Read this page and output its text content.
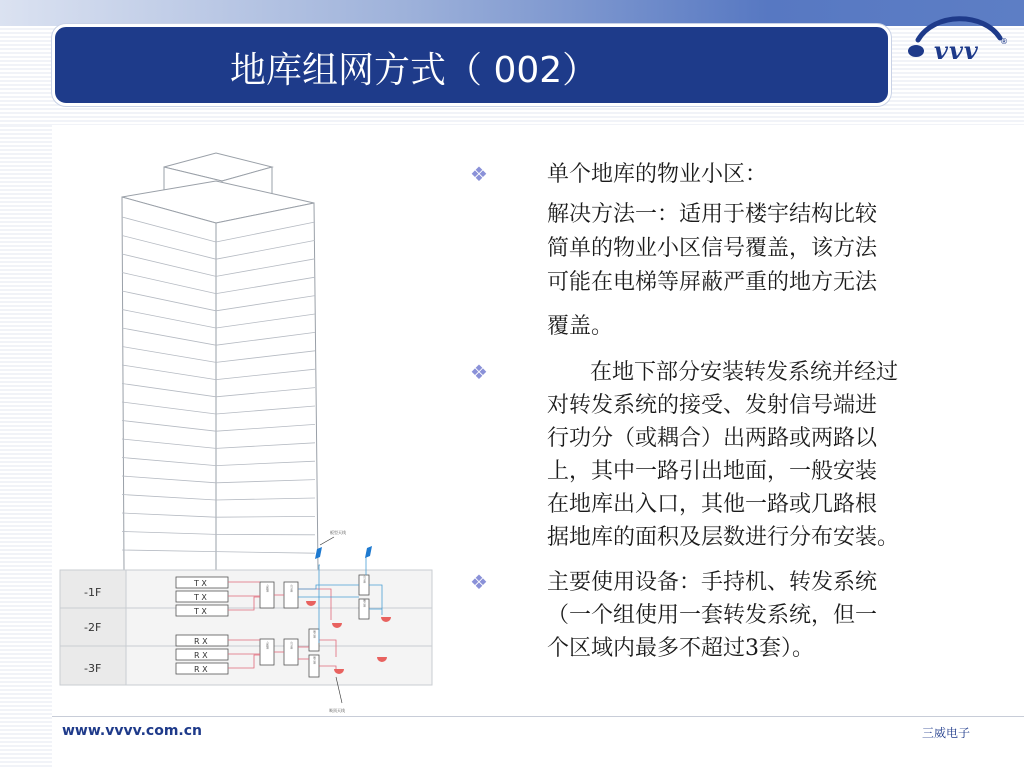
地库组网方式（ 002）	vvv	®
-1F
-2F
-3F
T X
T X
T X
R X
R X
R X
合路器	功分器
合路器	功分器
耦合器
耦合器
功分器
耦合器
板型天线
吸顶天线
❖	单个地库的物业小区：
解决方法一：适用于楼宇结构比较
简单的物业小区信号覆盖，该方法
可能在电梯等屏蔽严重的地方无法
覆盖。
❖	在地下部分安装转发系统并经过
对转发系统的接受、发射信号端进
行功分（或耦合）出两路或两路以
上，其中一路引出地面，一般安装
在地库出入口，其他一路或几路根
据地库的面积及层数进行分布安装。
❖	主要使用设备：手持机、转发系统
（一个组使用一套转发系统，但一
个区域内最多不超过3套）。
www.vvvv.com.cn	三威电子
